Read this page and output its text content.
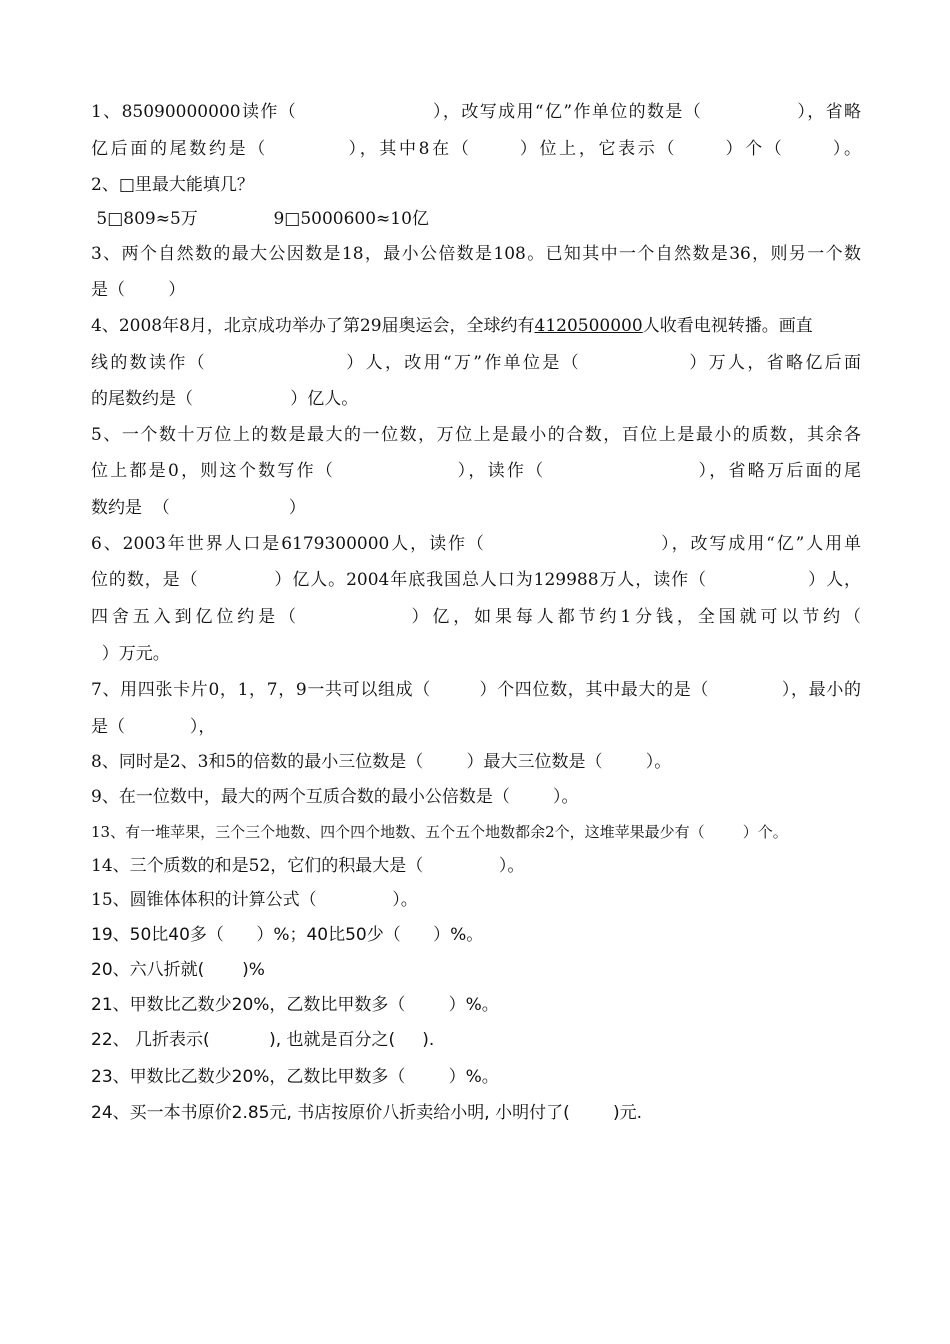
1、85090000000读作（                    ），改写成用“亿”作单位的数是（              ），省略
亿后面的尾数约是（          ），其中8在（      ）位上，它表示（      ）个（      ）。
2、□里最大能填几？
5□809≈5万              9□5000600≈10亿
3、两个自然数的最大公因数是18，最小公倍数是108。已知其中一个自然数是36，则另一个数
是（        ）
4、2008年8月，北京成功举办了第29届奥运会，全球约有4120500000人收看电视转播。画直
线的数读作（                  ）人，改用“万”作单位是（              ）万人，省略亿后面
的尾数约是（                  ）亿人。
5、一个数十万位上的数是最大的一位数，万位上是最小的合数，百位上是最小的质数，其余各
位上都是0，则这个数写作（                ），读作（                    ），省略万后面的尾
数约是  （                      ）
6、2003年世界人口是6179300000人，读作（                        ），改写成用“亿”人用单
位的数，是（            ）亿人。2004年底我国总人口为129988万人，读作（                ）人，
四舍五入到亿位约是（            ）亿，如果每人都节约1分钱，全国就可以节约（
）万元。
7、用四张卡片0，1，7，9一共可以组成（        ）个四位数，其中最大的是（            ），最小的
是（            ），
8、同时是2、3和5的倍数的最小三位数是（        ）最大三位数是（        ）。
9、在一位数中，最大的两个互质合数的最小公倍数是（        ）。
13、有一堆苹果，三个三个地数、四个四个地数、五个五个地数都余2个，这堆苹果最少有（        ）个。
14、三个质数的和是52，它们的积最大是（              ）。
15、圆锥体体积的计算公式（              ）。
19、50比40多（      ）%；40比50少（      ）%。
20、六八折就(       )%
21、甲数比乙数少20%，乙数比甲数多（        ）%。
22、 几折表示(           ), 也就是百分之(     ).
23、甲数比乙数少20%，乙数比甲数多（        ）%。
24、买一本书原价2.85元, 书店按原价八折卖给小明, 小明付了(        )元.
